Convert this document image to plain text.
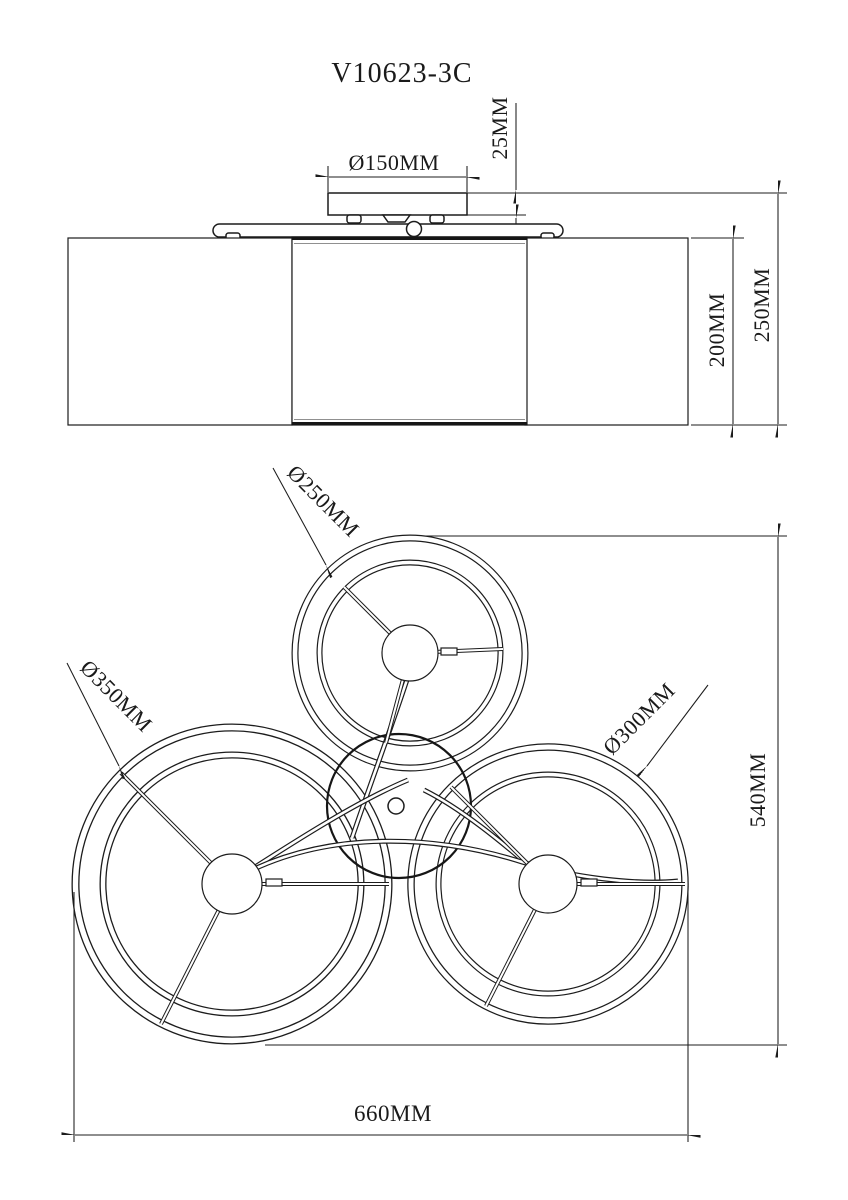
V10623-3C
Ø150MM
25MM
200MM 250MM
Ø250MM
Ø350MM	Ø300MM
540MM
660MM
